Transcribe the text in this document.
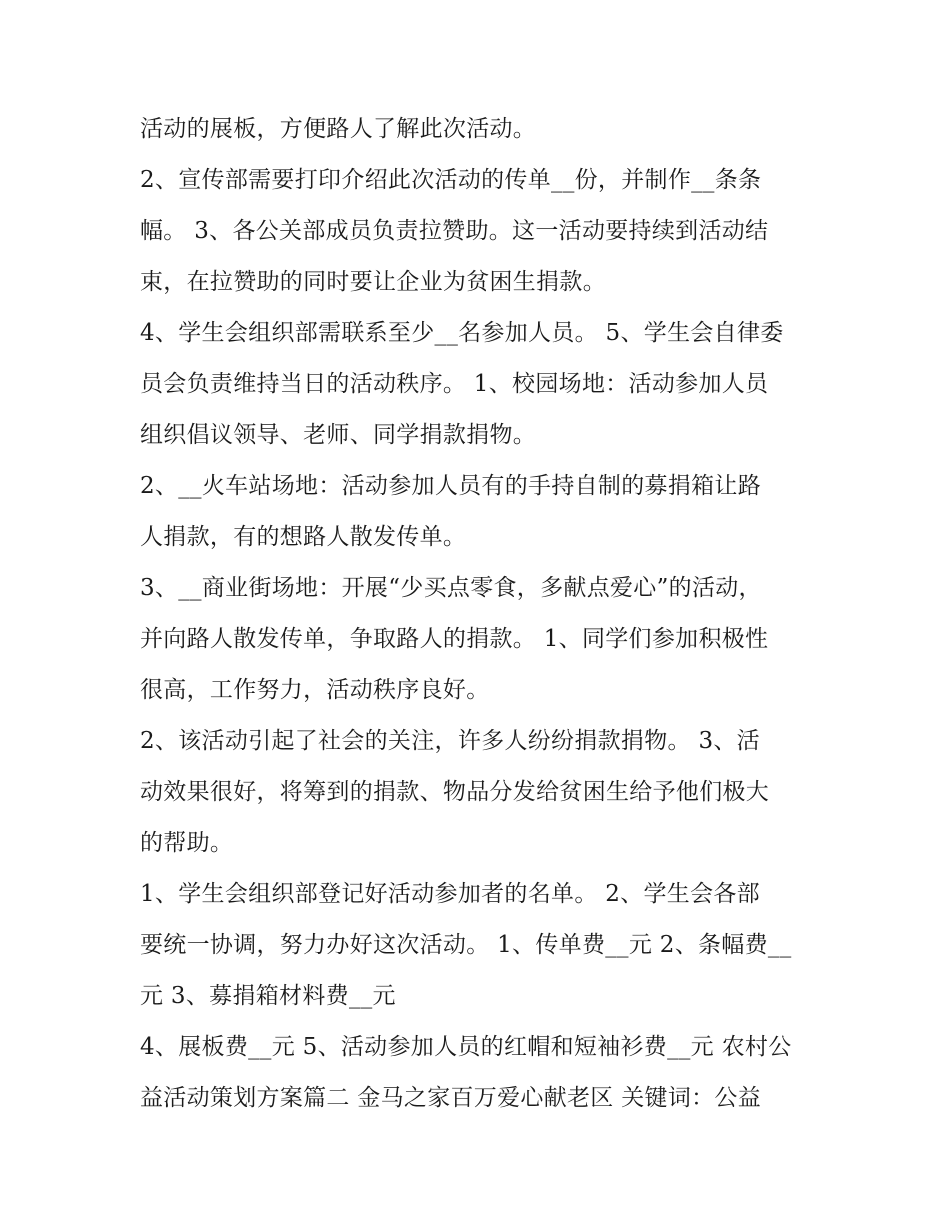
活动的展板，方便路人了解此次活动。
2、宣传部需要打印介绍此次活动的传单__份，并制作__条条
幅。 3、各公关部成员负责拉赞助。这一活动要持续到活动结
束，在拉赞助的同时要让企业为贫困生捐款。
4、学生会组织部需联系至少__名参加人员。 5、学生会自律委
员会负责维持当日的活动秩序。 1、校园场地：活动参加人员
组织倡议领导、老师、同学捐款捐物。
2、__火车站场地：活动参加人员有的手持自制的募捐箱让路
人捐款，有的想路人散发传单。
3、__商业街场地：开展“少买点零食，多献点爱心”的活动，
并向路人散发传单，争取路人的捐款。 1、同学们参加积极性
很高，工作努力，活动秩序良好。
2、该活动引起了社会的关注，许多人纷纷捐款捐物。 3、活
动效果很好，将筹到的捐款、物品分发给贫困生给予他们极大
的帮助。
1、学生会组织部登记好活动参加者的名单。 2、学生会各部
要统一协调，努力办好这次活动。 1、传单费__元 2、条幅费__
元 3、募捐箱材料费__元
4、展板费__元 5、活动参加人员的红帽和短袖衫费__元 农村公
益活动策划方案篇二 金马之家百万爱心献老区 关键词：公益
